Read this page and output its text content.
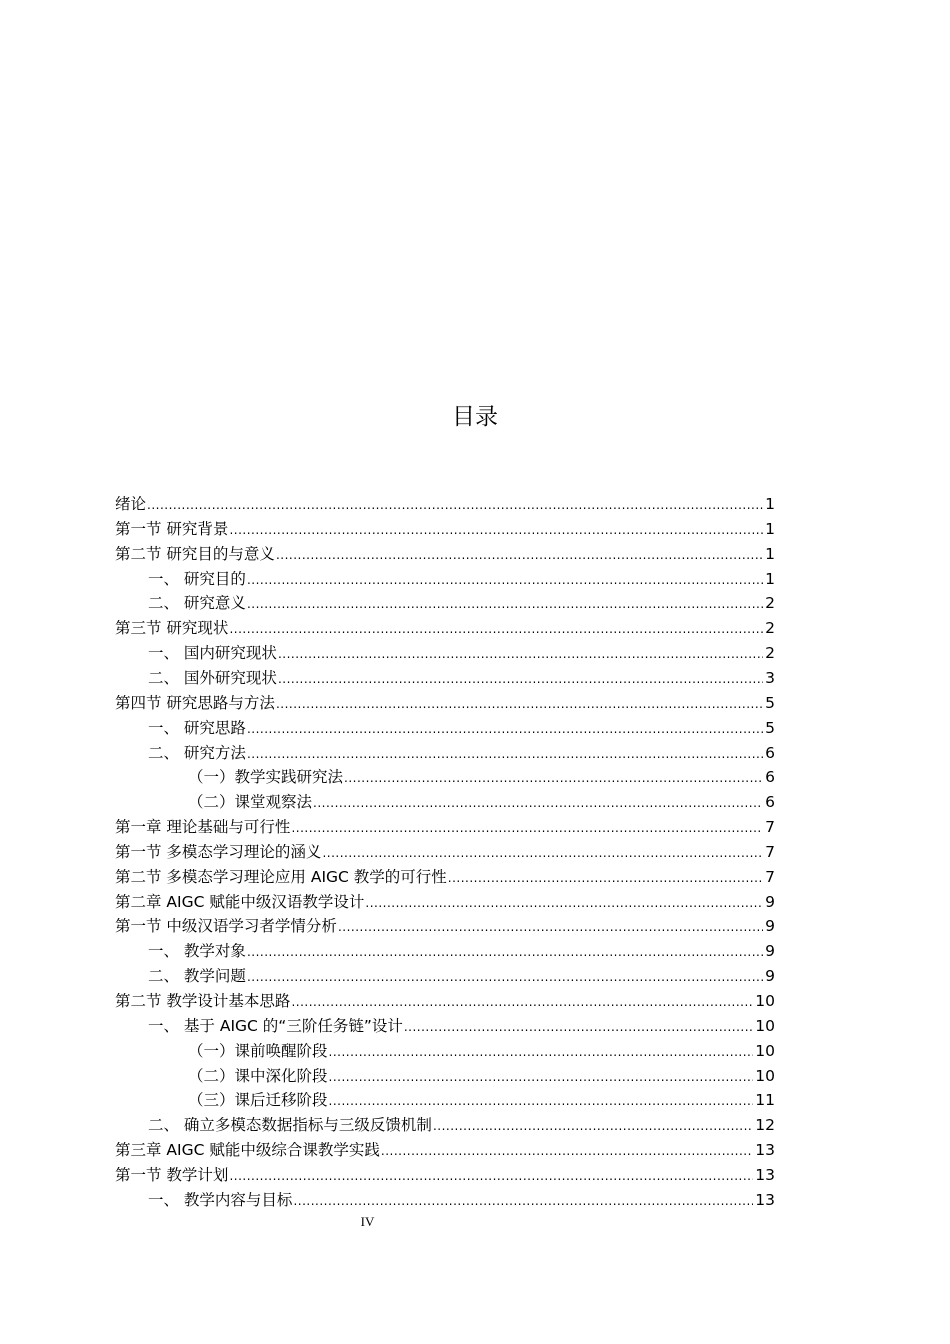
目录
绪论 .....	1
第一节 研究背景 .....	1
第二节 研究目的与意义 .....	1
一、 研究目的 .....	1
二、 研究意义 .....	2
第三节 研究现状 .....	2
一、 国内研究现状 .....	2
二、 国外研究现状 .....	3
第四节 研究思路与方法 .....	5
一、 研究思路 .....	5
二、 研究方法 .....	6
（一）教学实践研究法 .....	6
（二）课堂观察法 .....	6
第一章 理论基础与可行性 .....	7
第一节 多模态学习理论的涵义 .....	7
第二节 多模态学习理论应用 AIGC 教学的可行性 .....	7
第二章 AIGC 赋能中级汉语教学设计 .....	9
第一节 中级汉语学习者学情分析 .....	9
一、 教学对象 .....	9
二、 教学问题 .....	9
第二节 教学设计基本思路 .....	10
一、 基于 AIGC 的“三阶任务链”设计 .....	10
（一）课前唤醒阶段 .....	10
（二）课中深化阶段 .....	10
（三）课后迁移阶段 .....	11
二、 确立多模态数据指标与三级反馈机制 .....	12
第三章 AIGC 赋能中级综合课教学实践 .....	13
第一节 教学计划 .....	13
一、 教学内容与目标 .....	13
IV
